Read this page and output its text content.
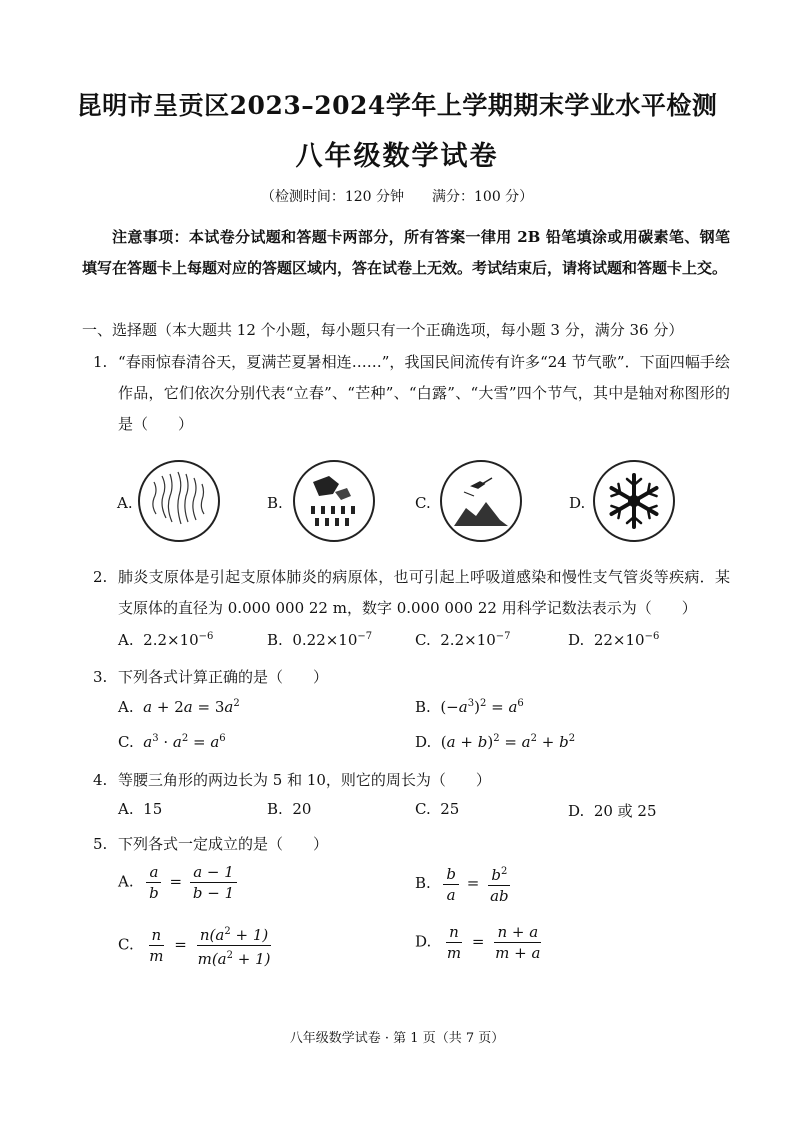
昆明市呈贡区2023–2024学年上学期期末学业水平检测
八年级数学试卷
（检测时间：120 分钟　　满分：100 分）
注意事项：本试卷分试题和答题卡两部分，所有答案一律用 2B 铅笔填涂或用碳素笔、钢笔填写在答题卡上每题对应的答题区域内，答在试卷上无效。考试结束后，请将试题和答题卡上交。
一、选择题（本大题共 12 个小题，每小题只有一个正确选项，每小题 3 分，满分 36 分）
1. “春雨惊春清谷天，夏满芒夏暑相连……”，我国民间流传有许多“24 节气歌”．下面四幅手绘作品，它们依次分别代表“立春”、“芒种”、“白露”、“大雪”四个节气，其中是轴对称图形的是（　　）
A.	B.	C.	D.
2. 肺炎支原体是引起支原体肺炎的病原体，也可引起上呼吸道感染和慢性支气管炎等疾病．某支原体的直径为 0.000 000 22 m，数字 0.000 000 22 用科学记数法表示为（　　）
A. $2.2\times 10^{-6}$	B. $0.22\times 10^{-7}$	C. $2.2\times 10^{-7}$	D. $22\times 10^{-6}$
3. 下列各式计算正确的是（　　）
A. $a + 2a = 3a^2$	B.  $(-a^3)^2 = a^6$
C. $a^3 \cdot a^2 = a^6$	D.  $(a + b)^2 = a^2 + b^2$
4. 等腰三角形的两边长为 5 和 10，则它的周长为（　　）
A. 15	B. 20	C. 25	D. 20 或 25
5. 下列各式一定成立的是（　　）
A. $\frac{a}{b} = \frac{a - 1}{b - 1}$	B. $\frac{b}{a} = \frac{b^2}{ab}$
C. $\frac{n}{m} = \frac{n(a^2 + 1)}{m(a^2 + 1)}$	D. $\frac{n}{m} = \frac{n + a}{m + a}$
八年级数学试卷 · 第 1 页（共 7 页）
